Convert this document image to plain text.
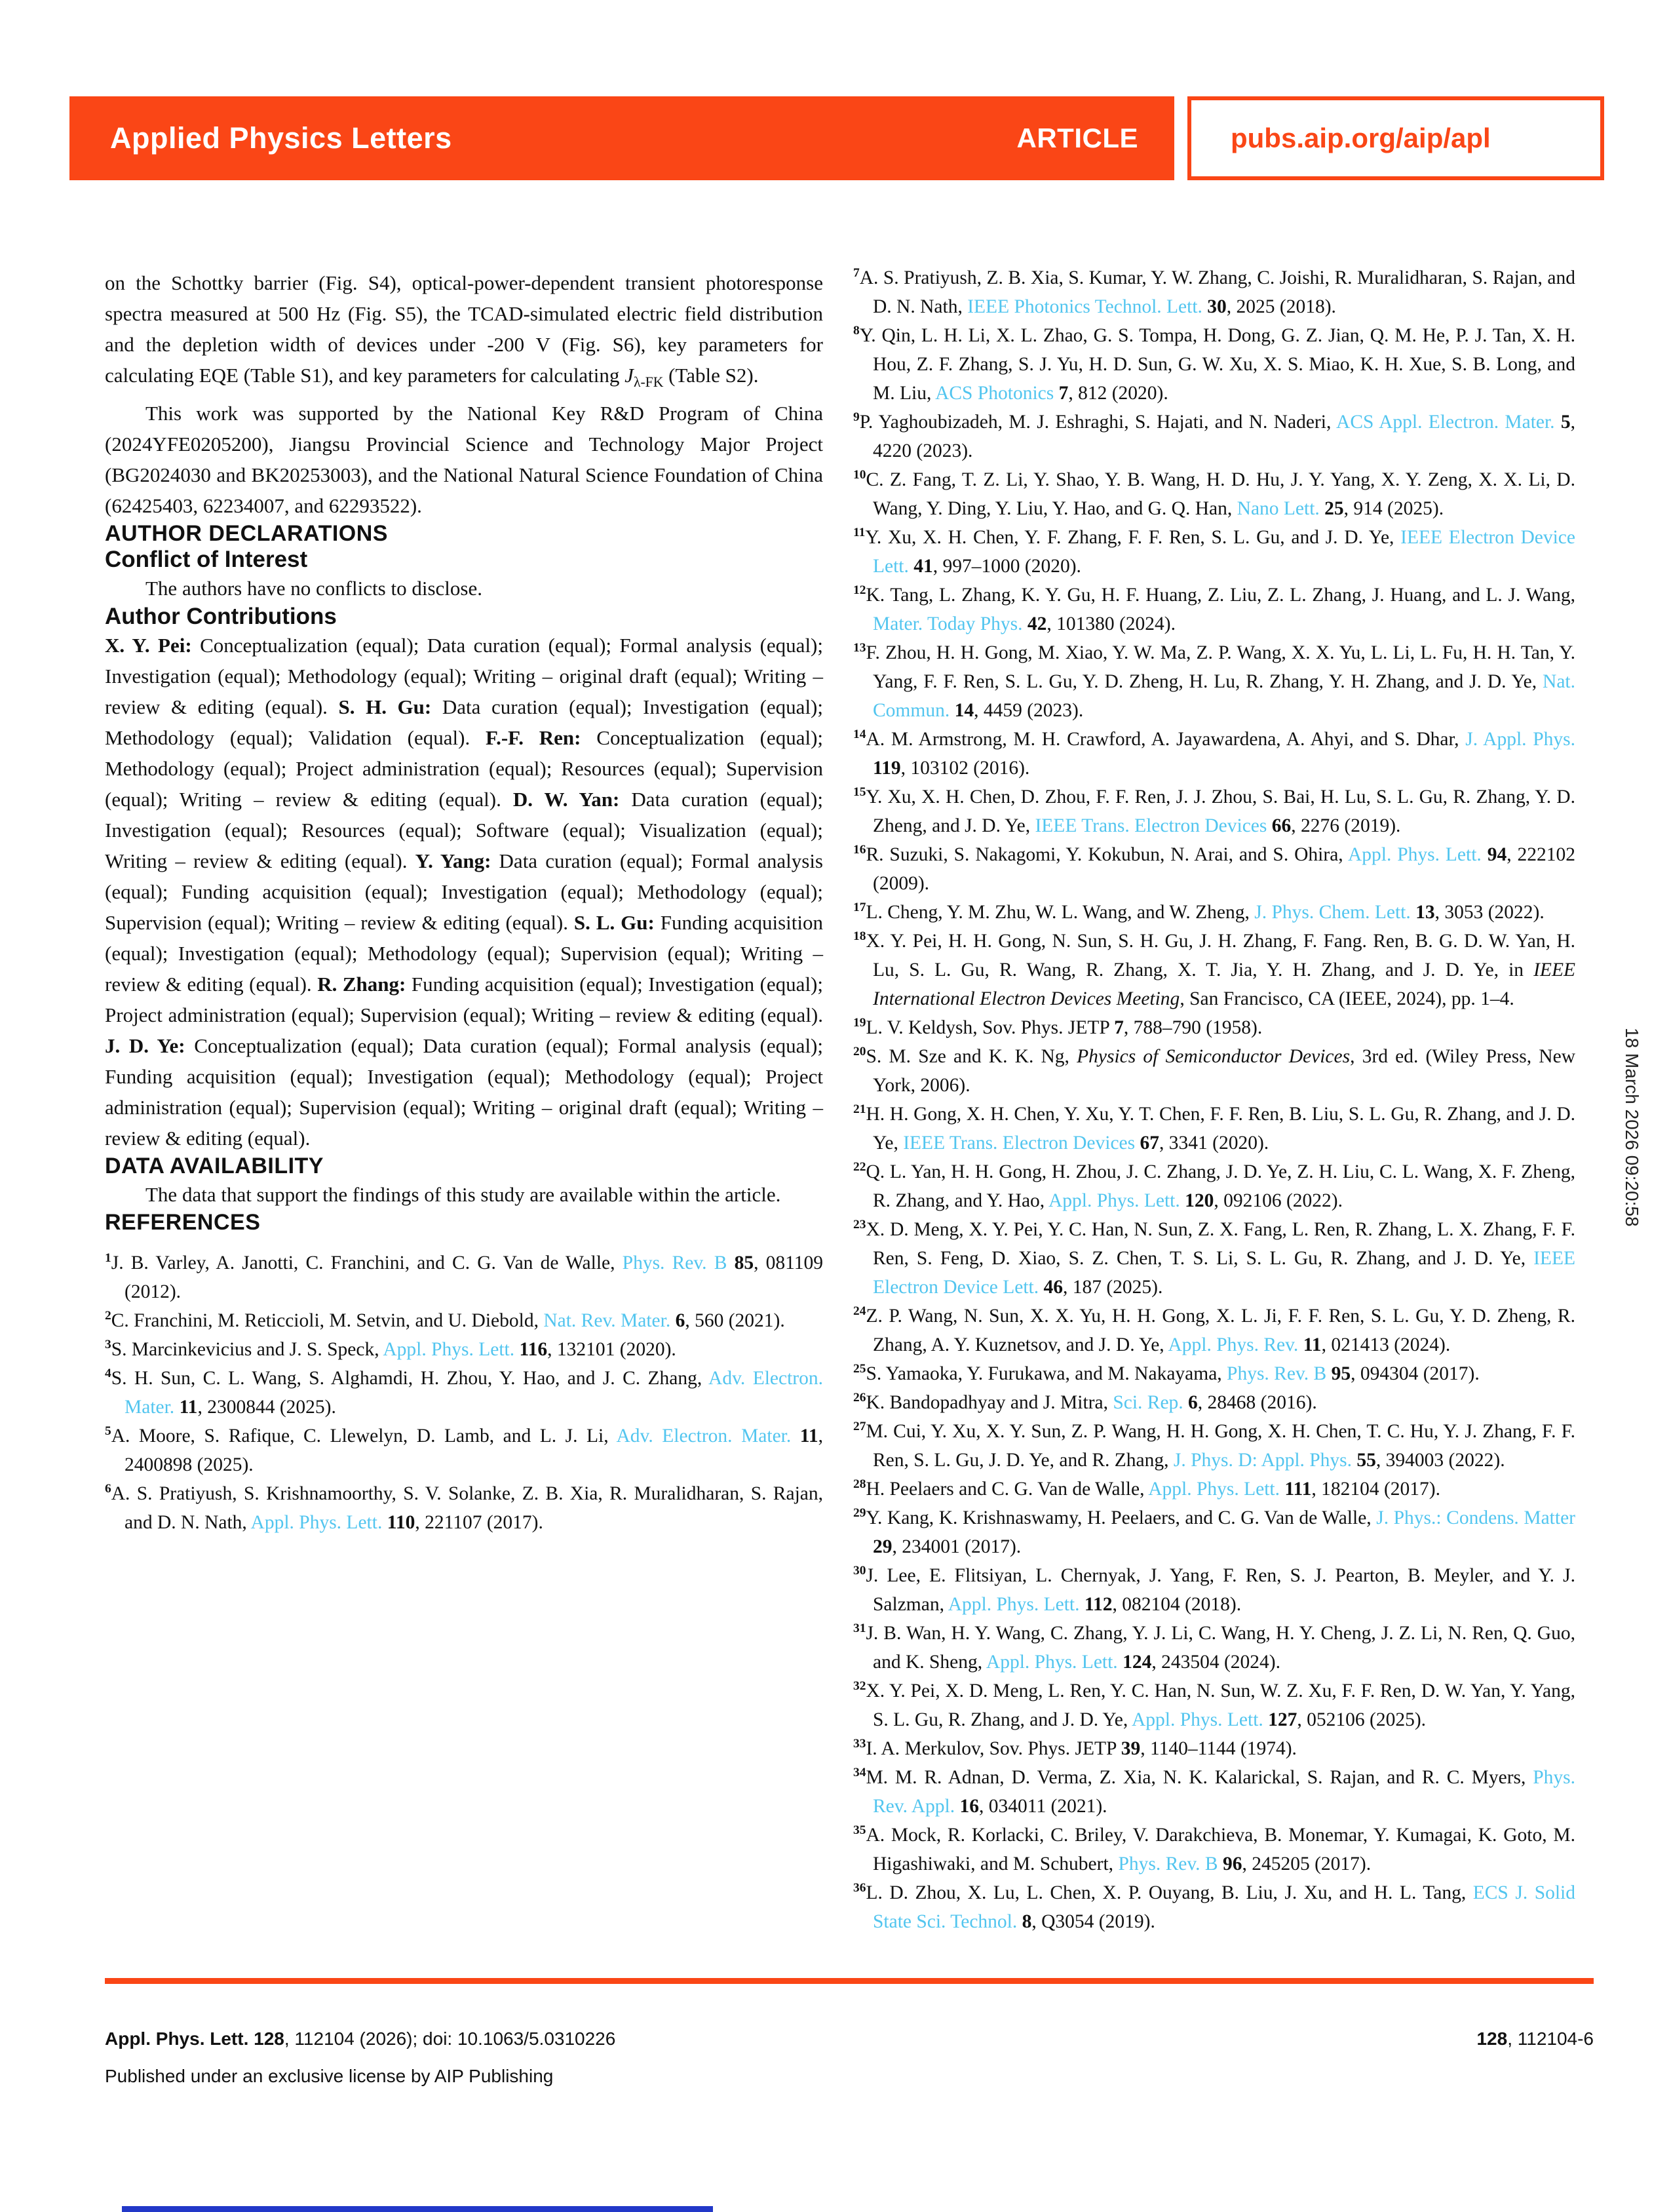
Applied Physics Letters	ARTICLE	pubs.aip.org/aip/apl

on the Schottky barrier (Fig. S4), optical-power-dependent transient photoresponse spectra measured at 500 Hz (Fig. S5), the TCAD-simulated electric field distribution and the depletion width of devices under -200 V (Fig. S6), key parameters for calculating EQE (Table S1), and key parameters for calculating $J_{\lambda-FK}$ (Table S2).

This work was supported by the National Key R&D Program of China (2024YFE0205200), Jiangsu Provincial Science and Technology Major Project (BG2024030 and BK20253003), and the National Natural Science Foundation of China (62425403, 62234007, and 62293522).

AUTHOR DECLARATIONS
Conflict of Interest

The authors have no conflicts to disclose.

Author Contributions

X. Y. Pei: Conceptualization (equal); Data curation (equal); Formal analysis (equal); Investigation (equal); Methodology (equal); Writing – original draft (equal); Writing – review & editing (equal). S. H. Gu: Data curation (equal); Investigation (equal); Methodology (equal); Validation (equal). F.-F. Ren: Conceptualization (equal); Methodology (equal); Project administration (equal); Resources (equal); Supervision (equal); Writing – review & editing (equal). D. W. Yan: Data curation (equal); Investigation (equal); Resources (equal); Software (equal); Visualization (equal); Writing – review & editing (equal). Y. Yang: Data curation (equal); Formal analysis (equal); Funding acquisition (equal); Investigation (equal); Methodology (equal); Supervision (equal); Writing – review & editing (equal). S. L. Gu: Funding acquisition (equal); Investigation (equal); Methodology (equal); Supervision (equal); Writing – review & editing (equal). R. Zhang: Funding acquisition (equal); Investigation (equal); Project administration (equal); Supervision (equal); Writing – review & editing (equal). J. D. Ye: Conceptualization (equal); Data curation (equal); Formal analysis (equal); Funding acquisition (equal); Investigation (equal); Methodology (equal); Project administration (equal); Supervision (equal); Writing – original draft (equal); Writing – review & editing (equal).

DATA AVAILABILITY

The data that support the findings of this study are available within the article.

REFERENCES
$^1$J. B. Varley, A. Janotti, C. Franchini, and C. G. Van de Walle, Phys. Rev. B 85, 081109 (2012).
$^2$C. Franchini, M. Reticcioli, M. Setvin, and U. Diebold, Nat. Rev. Mater. 6, 560 (2021).
$^3$S. Marcinkevicius and J. S. Speck, Appl. Phys. Lett. 116, 132101 (2020).
$^4$S. H. Sun, C. L. Wang, S. Alghamdi, H. Zhou, Y. Hao, and J. C. Zhang, Adv. Electron. Mater. 11, 2300844 (2025).
$^5$A. Moore, S. Rafique, C. Llewelyn, D. Lamb, and L. J. Li, Adv. Electron. Mater. 11, 2400898 (2025).
$^6$A. S. Pratiyush, S. Krishnamoorthy, S. V. Solanke, Z. B. Xia, R. Muralidharan, S. Rajan, and D. N. Nath, Appl. Phys. Lett. 110, 221107 (2017).
$^7$A. S. Pratiyush, Z. B. Xia, S. Kumar, Y. W. Zhang, C. Joishi, R. Muralidharan, S. Rajan, and D. N. Nath, IEEE Photonics Technol. Lett. 30, 2025 (2018).
$^8$Y. Qin, L. H. Li, X. L. Zhao, G. S. Tompa, H. Dong, G. Z. Jian, Q. M. He, P. J. Tan, X. H. Hou, Z. F. Zhang, S. J. Yu, H. D. Sun, G. W. Xu, X. S. Miao, K. H. Xue, S. B. Long, and M. Liu, ACS Photonics 7, 812 (2020).
$^9$P. Yaghoubizadeh, M. J. Eshraghi, S. Hajati, and N. Naderi, ACS Appl. Electron. Mater. 5, 4220 (2023).
$^{10}$C. Z. Fang, T. Z. Li, Y. Shao, Y. B. Wang, H. D. Hu, J. Y. Yang, X. Y. Zeng, X. X. Li, D. Wang, Y. Ding, Y. Liu, Y. Hao, and G. Q. Han, Nano Lett. 25, 914 (2025).
$^{11}$Y. Xu, X. H. Chen, Y. F. Zhang, F. F. Ren, S. L. Gu, and J. D. Ye, IEEE Electron Device Lett. 41, 997–1000 (2020).
$^{12}$K. Tang, L. Zhang, K. Y. Gu, H. F. Huang, Z. Liu, Z. L. Zhang, J. Huang, and L. J. Wang, Mater. Today Phys. 42, 101380 (2024).
$^{13}$F. Zhou, H. H. Gong, M. Xiao, Y. W. Ma, Z. P. Wang, X. X. Yu, L. Li, L. Fu, H. H. Tan, Y. Yang, F. F. Ren, S. L. Gu, Y. D. Zheng, H. Lu, R. Zhang, Y. H. Zhang, and J. D. Ye, Nat. Commun. 14, 4459 (2023).
$^{14}$A. M. Armstrong, M. H. Crawford, A. Jayawardena, A. Ahyi, and S. Dhar, J. Appl. Phys. 119, 103102 (2016).
$^{15}$Y. Xu, X. H. Chen, D. Zhou, F. F. Ren, J. J. Zhou, S. Bai, H. Lu, S. L. Gu, R. Zhang, Y. D. Zheng, and J. D. Ye, IEEE Trans. Electron Devices 66, 2276 (2019).
$^{16}$R. Suzuki, S. Nakagomi, Y. Kokubun, N. Arai, and S. Ohira, Appl. Phys. Lett. 94, 222102 (2009).
$^{17}$L. Cheng, Y. M. Zhu, W. L. Wang, and W. Zheng, J. Phys. Chem. Lett. 13, 3053 (2022).
$^{18}$X. Y. Pei, H. H. Gong, N. Sun, S. H. Gu, J. H. Zhang, F. Fang. Ren, B. G. D. W. Yan, H. Lu, S. L. Gu, R. Wang, R. Zhang, X. T. Jia, Y. H. Zhang, and J. D. Ye, in IEEE International Electron Devices Meeting, San Francisco, CA (IEEE, 2024), pp. 1–4.
$^{19}$L. V. Keldysh, Sov. Phys. JETP 7, 788–790 (1958).
$^{20}$S. M. Sze and K. K. Ng, Physics of Semiconductor Devices, 3rd ed. (Wiley Press, New York, 2006).
$^{21}$H. H. Gong, X. H. Chen, Y. Xu, Y. T. Chen, F. F. Ren, B. Liu, S. L. Gu, R. Zhang, and J. D. Ye, IEEE Trans. Electron Devices 67, 3341 (2020).
$^{22}$Q. L. Yan, H. H. Gong, H. Zhou, J. C. Zhang, J. D. Ye, Z. H. Liu, C. L. Wang, X. F. Zheng, R. Zhang, and Y. Hao, Appl. Phys. Lett. 120, 092106 (2022).
$^{23}$X. D. Meng, X. Y. Pei, Y. C. Han, N. Sun, Z. X. Fang, L. Ren, R. Zhang, L. X. Zhang, F. F. Ren, S. Feng, D. Xiao, S. Z. Chen, T. S. Li, S. L. Gu, R. Zhang, and J. D. Ye, IEEE Electron Device Lett. 46, 187 (2025).
$^{24}$Z. P. Wang, N. Sun, X. X. Yu, H. H. Gong, X. L. Ji, F. F. Ren, S. L. Gu, Y. D. Zheng, R. Zhang, A. Y. Kuznetsov, and J. D. Ye, Appl. Phys. Rev. 11, 021413 (2024).
$^{25}$S. Yamaoka, Y. Furukawa, and M. Nakayama, Phys. Rev. B 95, 094304 (2017).
$^{26}$K. Bandopadhyay and J. Mitra, Sci. Rep. 6, 28468 (2016).
$^{27}$M. Cui, Y. Xu, X. Y. Sun, Z. P. Wang, H. H. Gong, X. H. Chen, T. C. Hu, Y. J. Zhang, F. F. Ren, S. L. Gu, J. D. Ye, and R. Zhang, J. Phys. D: Appl. Phys. 55, 394003 (2022).
$^{28}$H. Peelaers and C. G. Van de Walle, Appl. Phys. Lett. 111, 182104 (2017).
$^{29}$Y. Kang, K. Krishnaswamy, H. Peelaers, and C. G. Van de Walle, J. Phys.: Condens. Matter 29, 234001 (2017).
$^{30}$J. Lee, E. Flitsiyan, L. Chernyak, J. Yang, F. Ren, S. J. Pearton, B. Meyler, and Y. J. Salzman, Appl. Phys. Lett. 112, 082104 (2018).
$^{31}$J. B. Wan, H. Y. Wang, C. Zhang, Y. J. Li, C. Wang, H. Y. Cheng, J. Z. Li, N. Ren, Q. Guo, and K. Sheng, Appl. Phys. Lett. 124, 243504 (2024).
$^{32}$X. Y. Pei, X. D. Meng, L. Ren, Y. C. Han, N. Sun, W. Z. Xu, F. F. Ren, D. W. Yan, Y. Yang, S. L. Gu, R. Zhang, and J. D. Ye, Appl. Phys. Lett. 127, 052106 (2025).
$^{33}$I. A. Merkulov, Sov. Phys. JETP 39, 1140–1144 (1974).
$^{34}$M. M. R. Adnan, D. Verma, Z. Xia, N. K. Kalarickal, S. Rajan, and R. C. Myers, Phys. Rev. Appl. 16, 034011 (2021).
$^{35}$A. Mock, R. Korlacki, C. Briley, V. Darakchieva, B. Monemar, Y. Kumagai, K. Goto, M. Higashiwaki, and M. Schubert, Phys. Rev. B 96, 245205 (2017).
$^{36}$L. D. Zhou, X. Lu, L. Chen, X. P. Ouyang, B. Liu, J. Xu, and H. L. Tang, ECS J. Solid State Sci. Technol. 8, Q3054 (2019).
Appl. Phys. Lett. 128, 112104 (2026); doi: 10.1063/5.0310226	128, 112104-6
Published under an exclusive license by AIP Publishing
18 March 2026 09:20:58
